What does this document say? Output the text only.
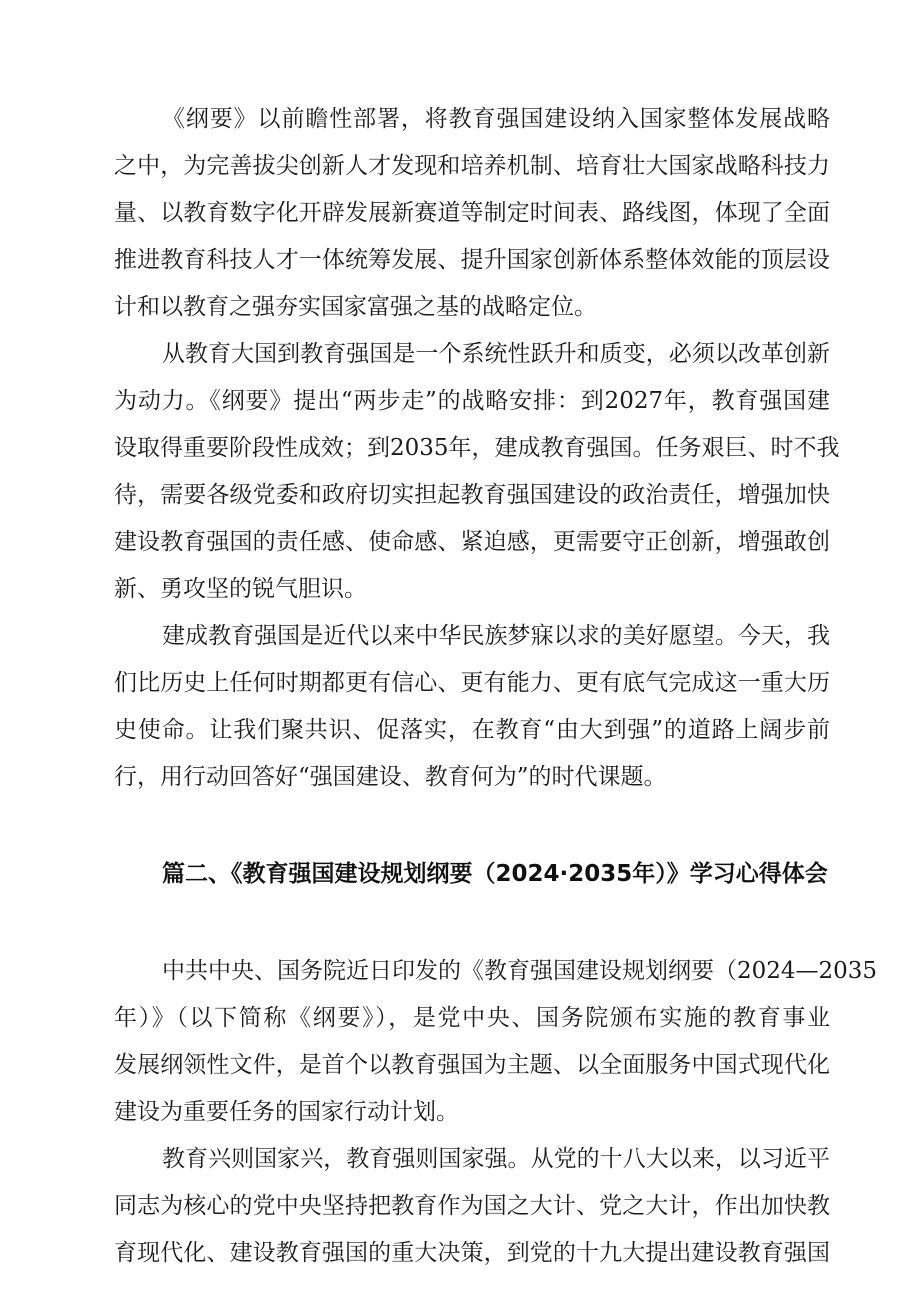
《纲要》以前瞻性部署，将教育强国建设纳入国家整体发展战略
之中，为完善拔尖创新人才发现和培养机制、培育壮大国家战略科技力
量、以教育数字化开辟发展新赛道等制定时间表、路线图，体现了全面
推进教育科技人才一体统筹发展、提升国家创新体系整体效能的顶层设
计和以教育之强夯实国家富强之基的战略定位。
从教育大国到教育强国是一个系统性跃升和质变，必须以改革创新
为动力。《纲要》提出“两步走”的战略安排：到2027年，教育强国建
设取得重要阶段性成效；到2035年，建成教育强国。任务艰巨、时不我
待，需要各级党委和政府切实担起教育强国建设的政治责任，增强加快
建设教育强国的责任感、使命感、紧迫感，更需要守正创新，增强敢创
新、勇攻坚的锐气胆识。
建成教育强国是近代以来中华民族梦寐以求的美好愿望。今天，我
们比历史上任何时期都更有信心、更有能力、更有底气完成这一重大历
史使命。让我们聚共识、促落实，在教育“由大到强”的道路上阔步前
行，用行动回答好“强国建设、教育何为”的时代课题。
篇二、《教育强国建设规划纲要（2024·2035年）》学习心得体会
中共中央、国务院近日印发的《教育强国建设规划纲要（2024—2035
年）》（以下简称《纲要》），是党中央、国务院颁布实施的教育事业
发展纲领性文件，是首个以教育强国为主题、以全面服务中国式现代化
建设为重要任务的国家行动计划。
教育兴则国家兴，教育强则国家强。从党的十八大以来，以习近平
同志为核心的党中央坚持把教育作为国之大计、党之大计，作出加快教
育现代化、建设教育强国的重大决策，到党的十九大提出建设教育强国
